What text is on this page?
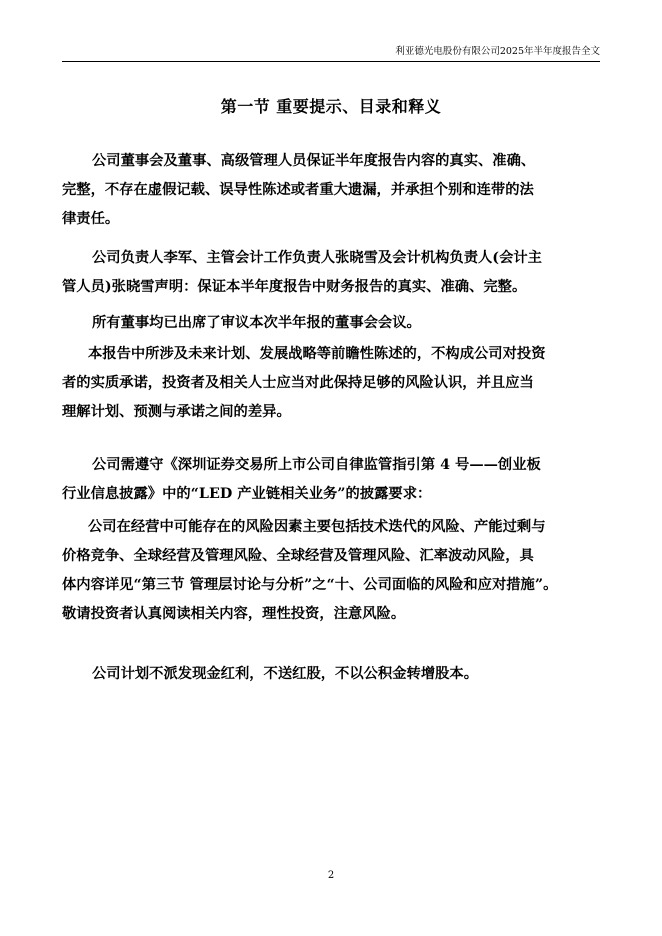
利亚德光电股份有限公司2025年半年度报告全文
第一节 重要提示、目录和释义
公司董事会及董事、高级管理人员保证半年度报告内容的真实、准确、
完整，不存在虚假记载、误导性陈述或者重大遗漏，并承担个别和连带的法
律责任。
公司负责人李军、主管会计工作负责人张晓雪及会计机构负责人(会计主
管人员)张晓雪声明：保证本半年度报告中财务报告的真实、准确、完整。
所有董事均已出席了审议本次半年报的董事会会议。
本报告中所涉及未来计划、发展战略等前瞻性陈述的，不构成公司对投资
者的实质承诺，投资者及相关人士应当对此保持足够的风险认识，并且应当
理解计划、预测与承诺之间的差异。
公司需遵守《深圳证券交易所上市公司自律监管指引第 4 号——创业板
行业信息披露》中的“LED 产业链相关业务”的披露要求：
公司在经营中可能存在的风险因素主要包括技术迭代的风险、产能过剩与
价格竞争、全球经营及管理风险、全球经营及管理风险、汇率波动风险，具
体内容详见“第三节 管理层讨论与分析”之“十、公司面临的风险和应对措施”。
敬请投资者认真阅读相关内容，理性投资，注意风险。
公司计划不派发现金红利，不送红股，不以公积金转增股本。
2
